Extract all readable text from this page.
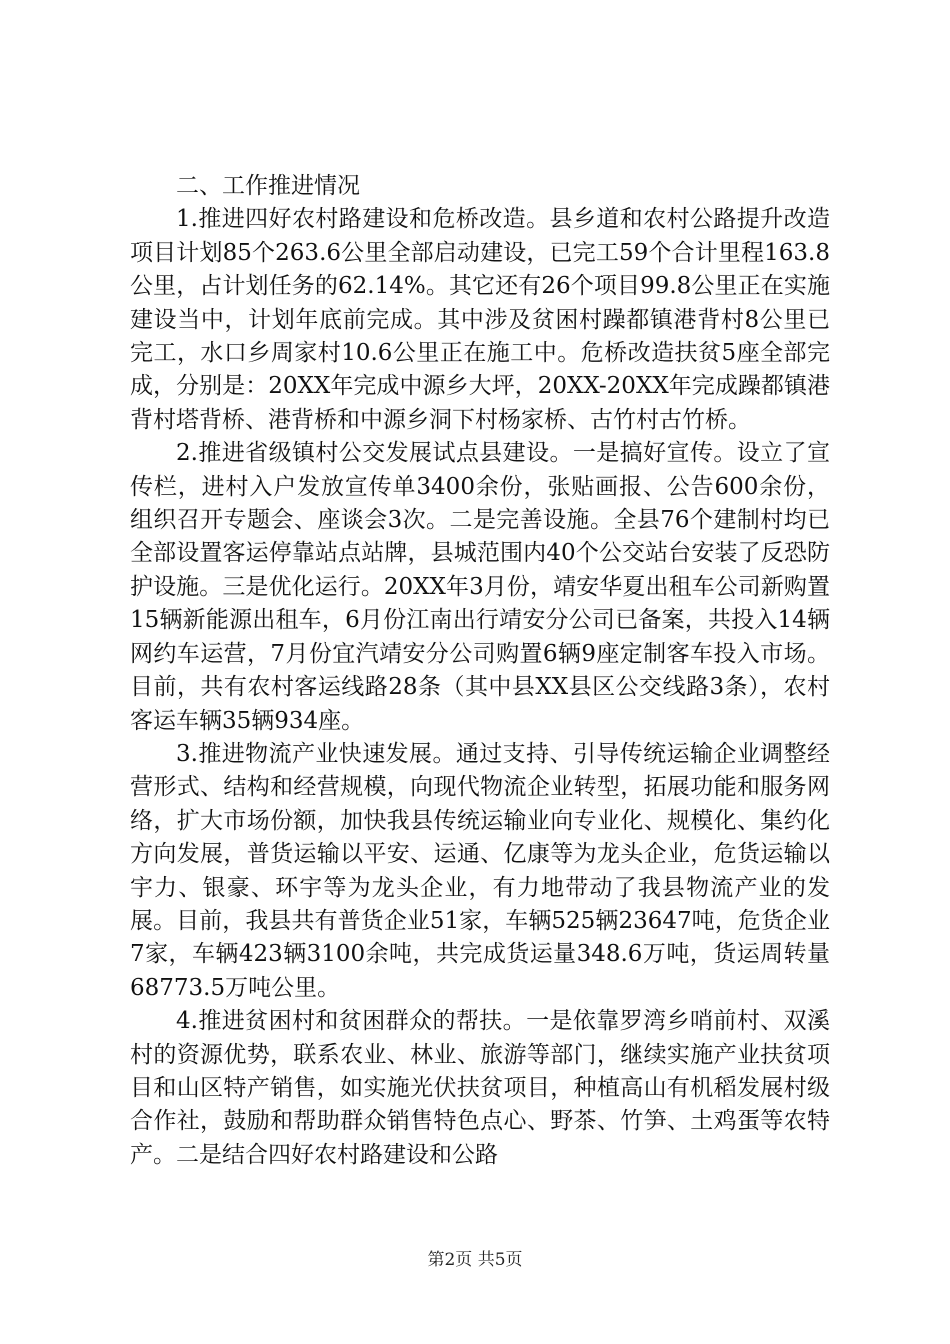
二、工作推进情况

1.推进四好农村路建设和危桥改造。县乡道和农村公路提升改造项目计划85个263.6公里全部启动建设，已完工59个合计里程163.8公里，占计划任务的62.14%。其它还有26个项目99.8公里正在实施建设当中，计划年底前完成。其中涉及贫困村躁都镇港背村8公里已完工，水口乡周家村10.6公里正在施工中。危桥改造扶贫5座全部完成，分别是：20XX年完成中源乡大坪，20XX-20XX年完成躁都镇港背村塔背桥、港背桥和中源乡洞下村杨家桥、古竹村古竹桥。

2.推进省级镇村公交发展试点县建设。一是搞好宣传。设立了宣传栏，进村入户发放宣传单3400余份，张贴画报、公告600余份，组织召开专题会、座谈会3次。二是完善设施。全县76个建制村均已全部设置客运停靠站点站牌，县城范围内40个公交站台安装了反恐防护设施。三是优化运行。20XX年3月份，靖安华夏出租车公司新购置15辆新能源出租车，6月份江南出行靖安分公司已备案，共投入14辆网约车运营，7月份宜汽靖安分公司购置6辆9座定制客车投入市场。目前，共有农村客运线路28条（其中县XX县区公交线路3条），农村客运车辆35辆934座。

3.推进物流产业快速发展。通过支持、引导传统运输企业调整经营形式、结构和经营规模，向现代物流企业转型，拓展功能和服务网络，扩大市场份额，加快我县传统运输业向专业化、规模化、集约化方向发展，普货运输以平安、运通、亿康等为龙头企业，危货运输以宇力、银豪、环宇等为龙头企业，有力地带动了我县物流产业的发展。目前，我县共有普货企业51家，车辆525辆23647吨，危货企业7家，车辆423辆3100余吨，共完成货运量348.6万吨，货运周转量68773.5万吨公里。

4.推进贫困村和贫困群众的帮扶。一是依靠罗湾乡哨前村、双溪村的资源优势，联系农业、林业、旅游等部门，继续实施产业扶贫项目和山区特产销售，如实施光伏扶贫项目，种植高山有机稻发展村级合作社，鼓励和帮助群众销售特色点心、野茶、竹笋、土鸡蛋等农特产。二是结合四好农村路建设和公路

第2页 共5页
